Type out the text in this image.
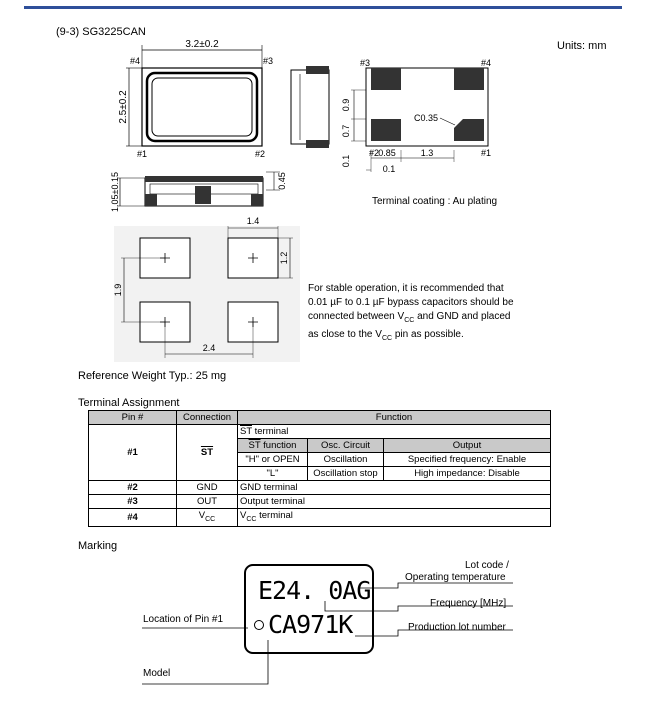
(9-3) SG3225CAN
Units: mm
3.2±0.2
2.5±0.2
#4	#3
#1	#2
1.05±0.15	0.45
#3	#4
#2	#1
0.9
0.7
0.1
0.85	1.3
0.1
C0.35
1.4
1.2
1.9
2.4
Terminal coating : Au plating

For stable operation, it is recommended that

0.01 µF to 0.1 µF bypass capacitors should be

connected between $V_{CC}$ and GND and placed

as close to the $V_{CC}$ pin as possible.

Reference Weight Typ.: 25 mg
Terminal Assignment
Pin #	Connection	Function		
#1	$\overline{ST}$	$\overline{ST}$ terminal		
		$\overline{ST}$ function	Osc. Circuit	Output
		"H" or OPEN	Oscillation	Specified frequency: Enable
		"L"	Oscillation stop	High impedance: Disable
#2	GND	GND terminal		
#3	OUT	Output terminal		
#4	$V_{CC}$	$V_{CC}$ terminal		
Marking
E24. 0AG
CA971K
Lot code /
Operating temperature
Frequency [MHz]
Location of Pin #1
Production lot number
Model
